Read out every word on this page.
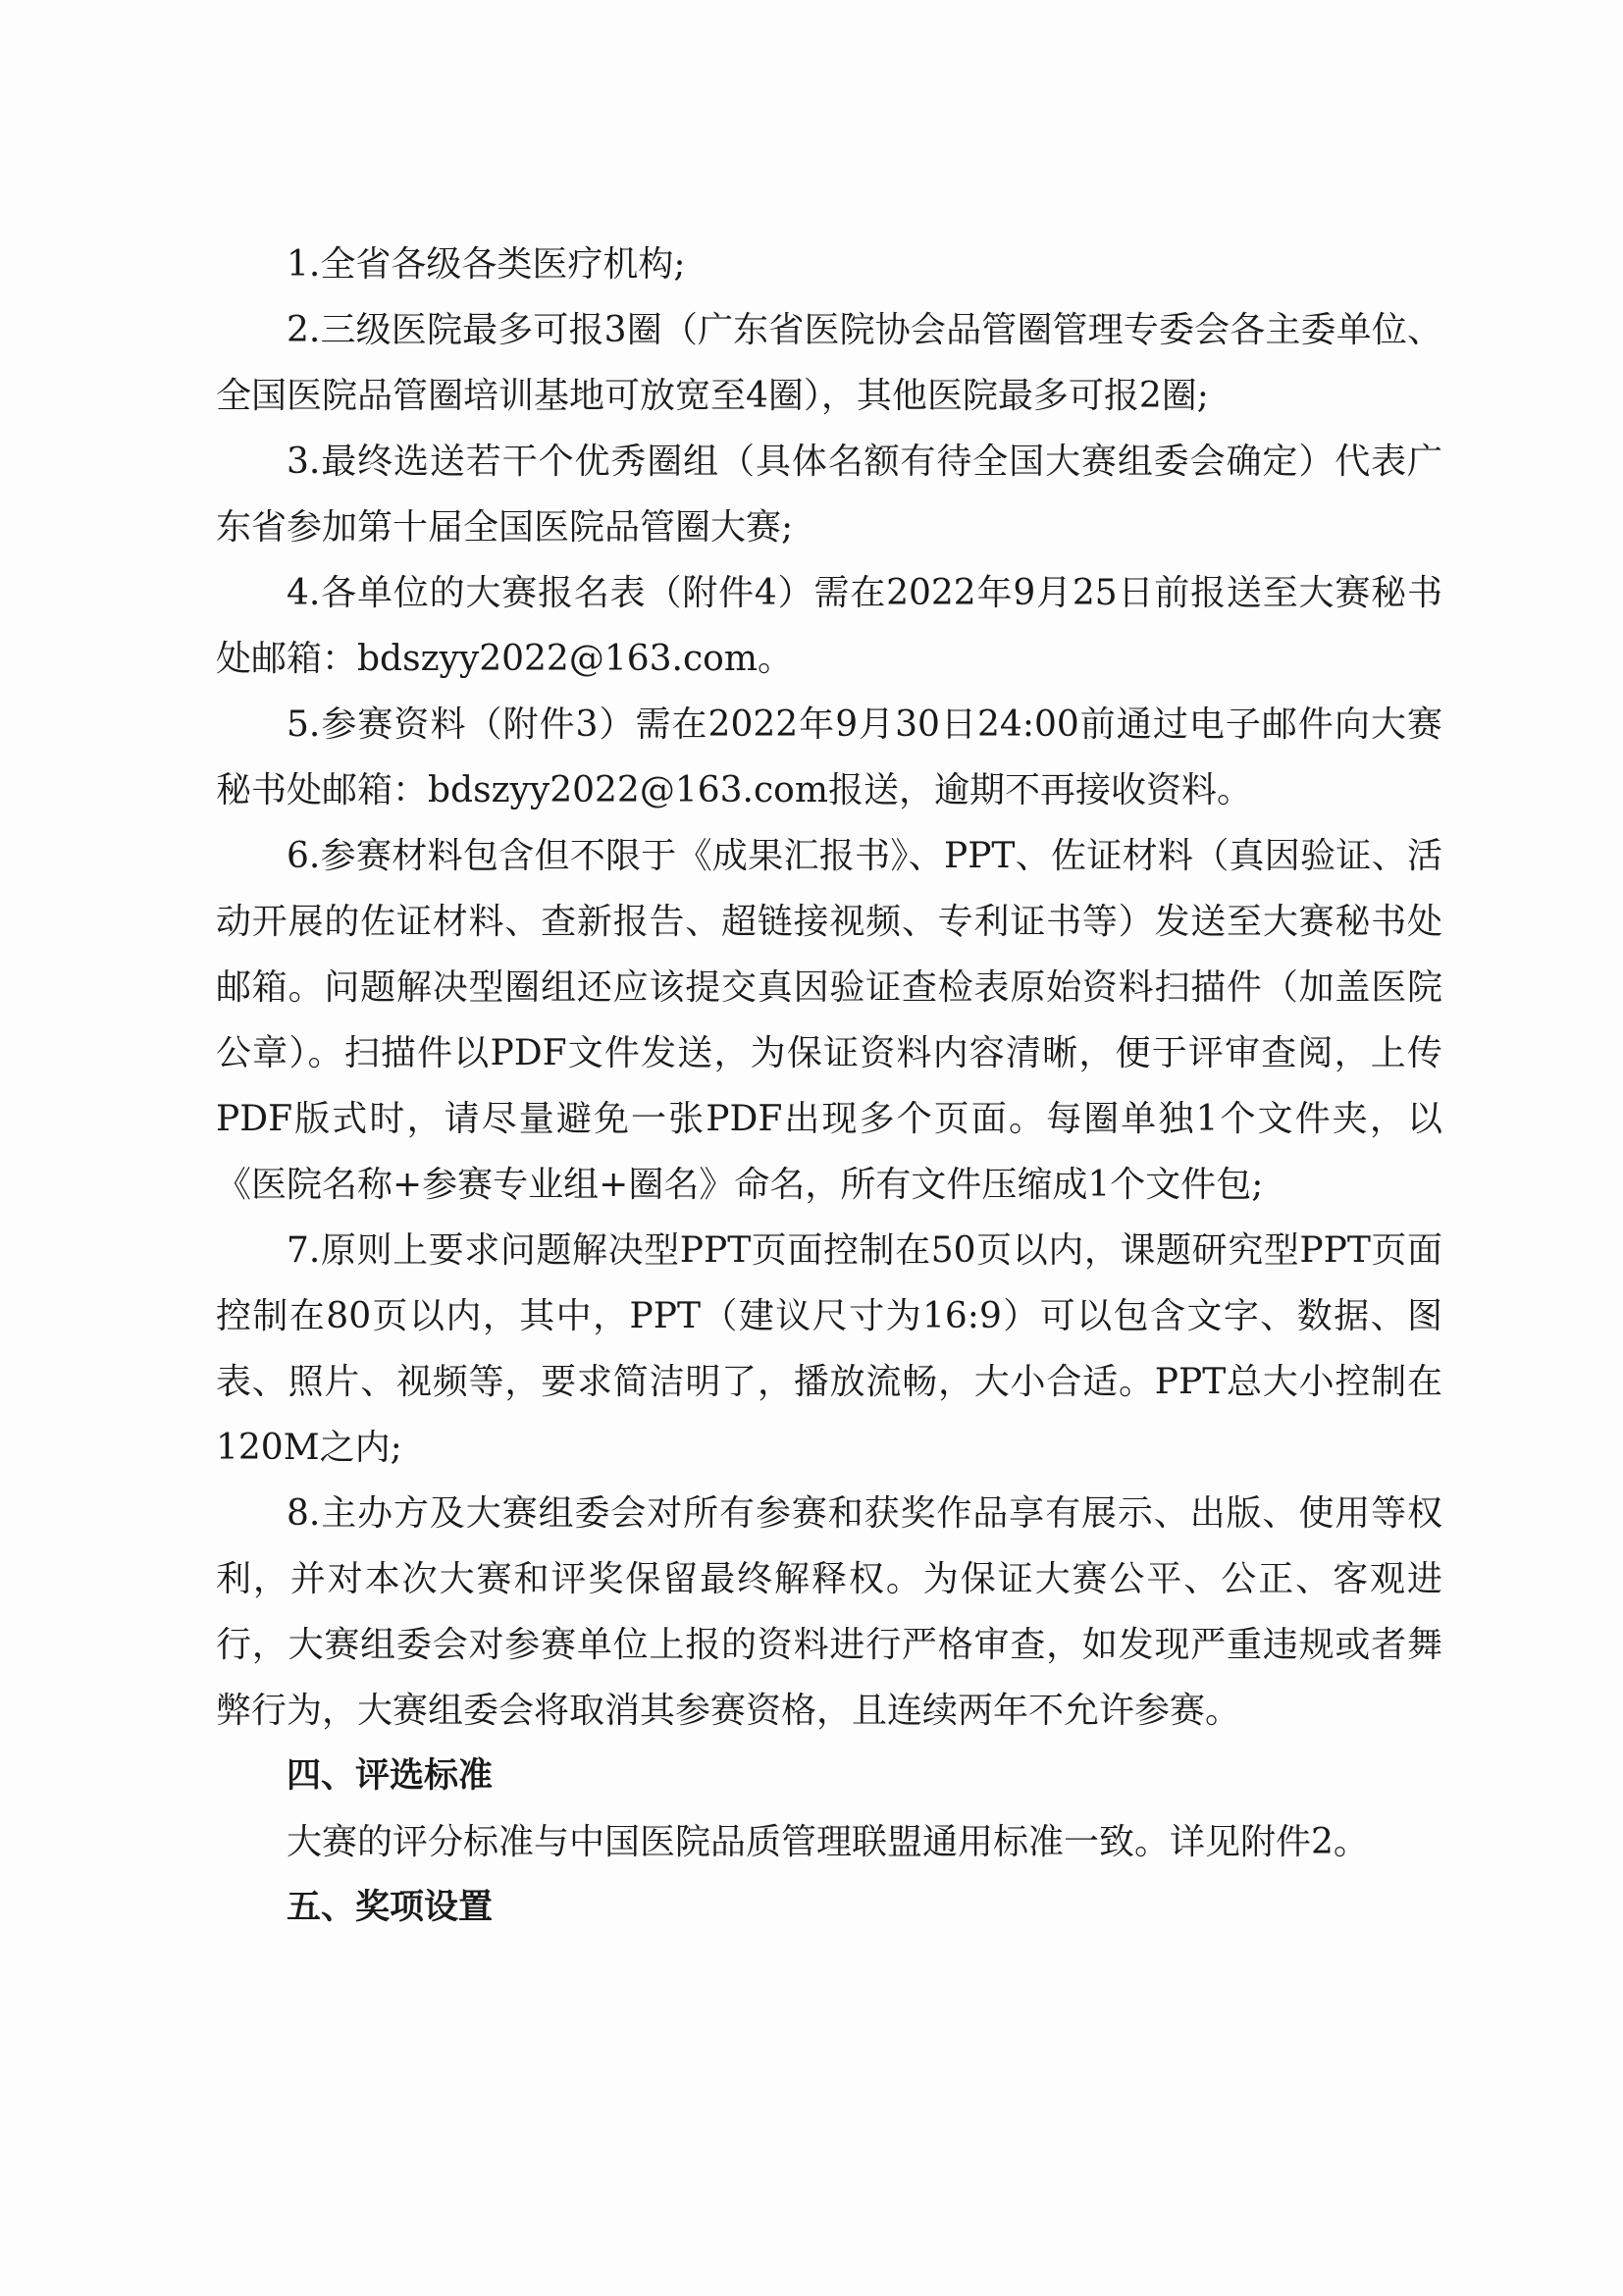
1.全省各级各类医疗机构;

2.三级医院最多可报3圈（广东省医院协会品管圈管理专委会各主委单位、全国医院品管圈培训基地可放宽至4圈），其他医院最多可报2圈;

3.最终选送若干个优秀圈组（具体名额有待全国大赛组委会确定）代表广东省参加第十届全国医院品管圈大赛;

4.各单位的大赛报名表（附件4）需在2022年9月25日前报送至大赛秘书处邮箱：bdszyy2022@163.com。

5.参赛资料（附件3）需在2022年9月30日24:00前通过电子邮件向大赛秘书处邮箱：bdszyy2022@163.com报送，逾期不再接收资料。

6.参赛材料包含但不限于《成果汇报书》、PPT、佐证材料（真因验证、活动开展的佐证材料、查新报告、超链接视频、专利证书等）发送至大赛秘书处邮箱。问题解决型圈组还应该提交真因验证查检表原始资料扫描件（加盖医院公章）。扫描件以PDF文件发送，为保证资料内容清晰，便于评审查阅，上传PDF版式时，请尽量避免一张PDF出现多个页面。每圈单独1个文件夹，以《医院名称+参赛专业组+圈名》命名，所有文件压缩成1个文件包;

7.原则上要求问题解决型PPT页面控制在50页以内，课题研究型PPT页面控制在80页以内，其中，PPT（建议尺寸为16:9）可以包含文字、数据、图表、照片、视频等，要求简洁明了，播放流畅，大小合适。PPT总大小控制在120M之内;

8.主办方及大赛组委会对所有参赛和获奖作品享有展示、出版、使用等权利，并对本次大赛和评奖保留最终解释权。为保证大赛公平、公正、客观进行，大赛组委会对参赛单位上报的资料进行严格审查，如发现严重违规或者舞弊行为，大赛组委会将取消其参赛资格，且连续两年不允许参赛。

四、评选标准

大赛的评分标准与中国医院品质管理联盟通用标准一致。详见附件2。

五、奖项设置
